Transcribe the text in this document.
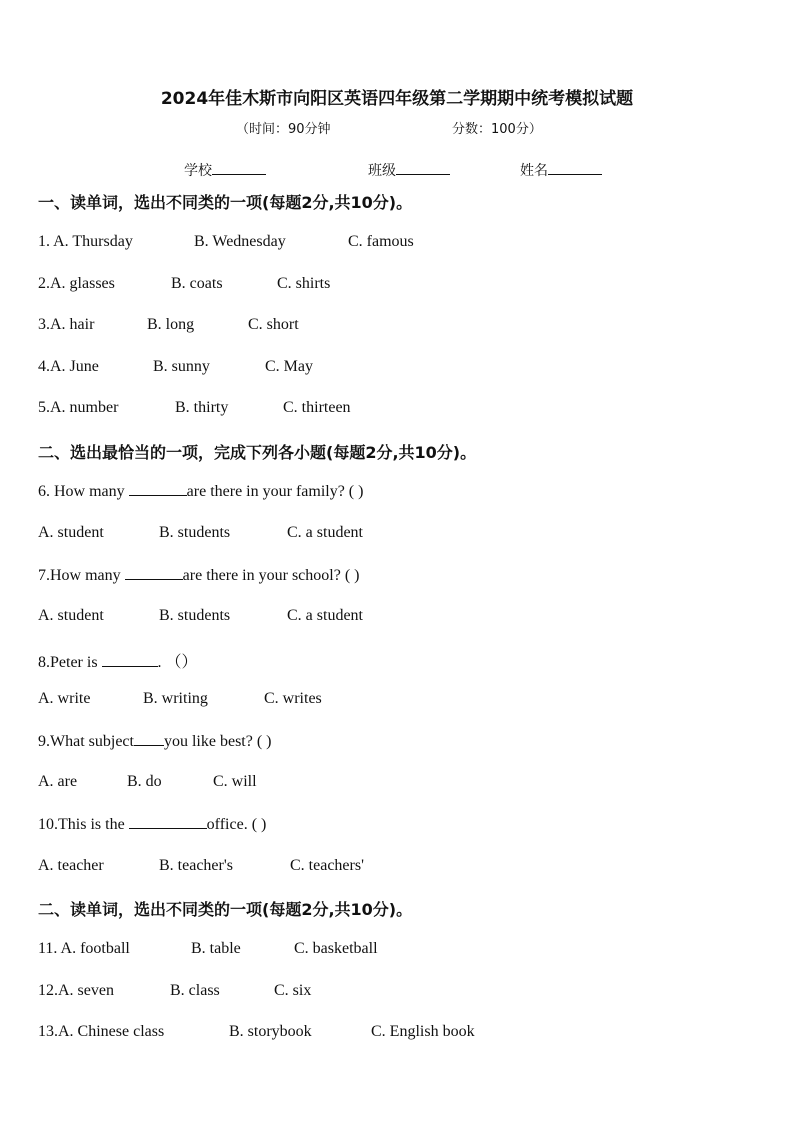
2024年佳木斯市向阳区英语四年级第二学期期中统考模拟试题
（时间：90分钟	分数：100分）
学校	班级	姓名
一、读单词，选出不同类的一项(每题2分,共10分)。
1. A. Thursday	B. Wednesday	C. famous
2.A. glasses	B. coats	C. shirts
3.A. hair	B. long	C. short
4.A. June	B. sunny	C. May
5.A. number	B. thirty	C. thirteen
二、选出最恰当的一项，完成下列各小题(每题2分,共10分)。
6. How many	are there in your family? ( )
A. student	B. students	C. a student
7.How many	are there in your school? ( )
A. student	B. students	C. a student
8.Peter is	. （）
A. write	B. writing	C. writes
9.What subject you like best? ( )
A. are	B. do	C. will
10.This is the	office. ( )
A. teacher	B. teacher's	C. teachers'
二、读单词，选出不同类的一项(每题2分,共10分)。
11. A. football	B. table	C. basketball
12.A. seven	B. class	C. six
13.A. Chinese class	B. storybook	C. English book
